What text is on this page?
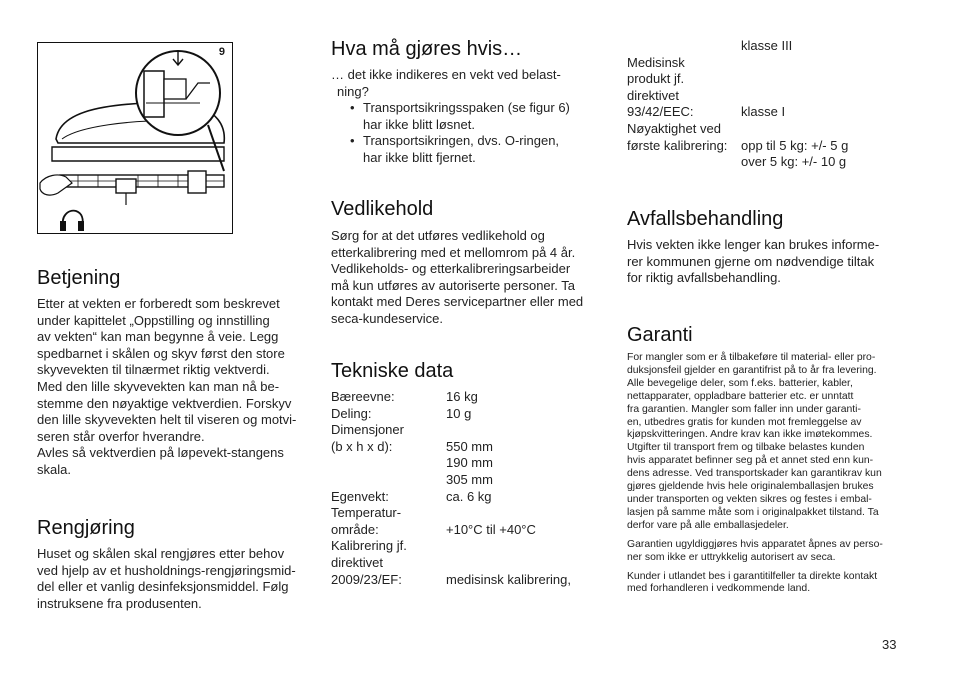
9
Betjening
Etter at vekten er forberedt som beskrevet
under kapittelet „Oppstilling og innstilling
av vekten“ kan man begynne å veie. Legg
spedbarnet i skålen og skyv først den store
skyvevekten til tilnærmet riktig vektverdi.
Med den lille skyvevekten kan man nå be-
stemme den nøyaktige vektverdien. Forskyv
den lille skyvevekten helt til viseren og motvi-
seren står overfor hverandre.
Avles så vektverdien på løpevekt-stangens
skala.
Rengjøring
Huset og skålen skal rengjøres etter behov
ved hjelp av et husholdnings-rengjøringsmid-
del eller et vanlig desinfeksjonsmiddel. Følg
instruksene fra produsenten.
Hva må gjøres hvis…
… det ikke indikeres en vekt ved belast-
ning?
• Transportsikringsspaken (se figur 6)
har ikke blitt løsnet.
• Transportsikringen, dvs. O-ringen,
har ikke blitt fjernet.
Vedlikehold
Sørg for at det utføres vedlikehold og
etterkalibrering med et mellomrom på 4 år.
Vedlikeholds- og etterkalibreringsarbeider
må kun utføres av autoriserte personer. Ta
kontakt med Deres servicepartner eller med
seca-kundeservice.
Tekniske data
Bæreevne:	16 kg
Deling:	10 g
Dimensjoner
(b x h x d):	550 mm
190 mm
305 mm
Egenvekt:	ca. 6 kg
Temperatur-
område:	+10°C til +40°C
Kalibrering jf.
direktivet
2009/23/EF:	medisinsk kalibrering,
klasse III
Medisinsk
produkt jf.
direktivet
93/42/EEC:	klasse I
Nøyaktighet ved
første kalibrering: opp til 5 kg: +/- 5 g
over 5 kg: +/- 10 g
Avfallsbehandling
Hvis vekten ikke lenger kan brukes informe-
rer kommunen gjerne om nødvendige tiltak
for riktig avfallsbehandling.
Garanti
For mangler som er å tilbakeføre til material- eller pro-
duksjonsfeil gjelder en garantifrist på to år fra levering.
Alle bevegelige deler, som f.eks. batterier, kabler,
nettapparater, oppladbare batterier etc. er unntatt
fra garantien. Mangler som faller inn under garanti-
en, utbedres gratis for kunden mot fremleggelse av
kjøpskvitteringen. Andre krav kan ikke imøtekommes.
Utgifter til transport frem og tilbake belastes kunden
hvis apparatet befinner seg på et annet sted enn kun-
dens adresse. Ved transportskader kan garantikrav kun
gjøres gjeldende hvis hele originalemballasjen brukes
under transporten og vekten sikres og festes i embal-
lasjen på samme måte som i originalpakket tilstand. Ta
derfor vare på alle emballasjedeler.
Garantien ugyldiggjøres hvis apparatet åpnes av perso-
ner som ikke er uttrykkelig autorisert av seca.
Kunder i utlandet bes i garantitilfeller ta direkte kontakt
med forhandleren i vedkommende land.
33
